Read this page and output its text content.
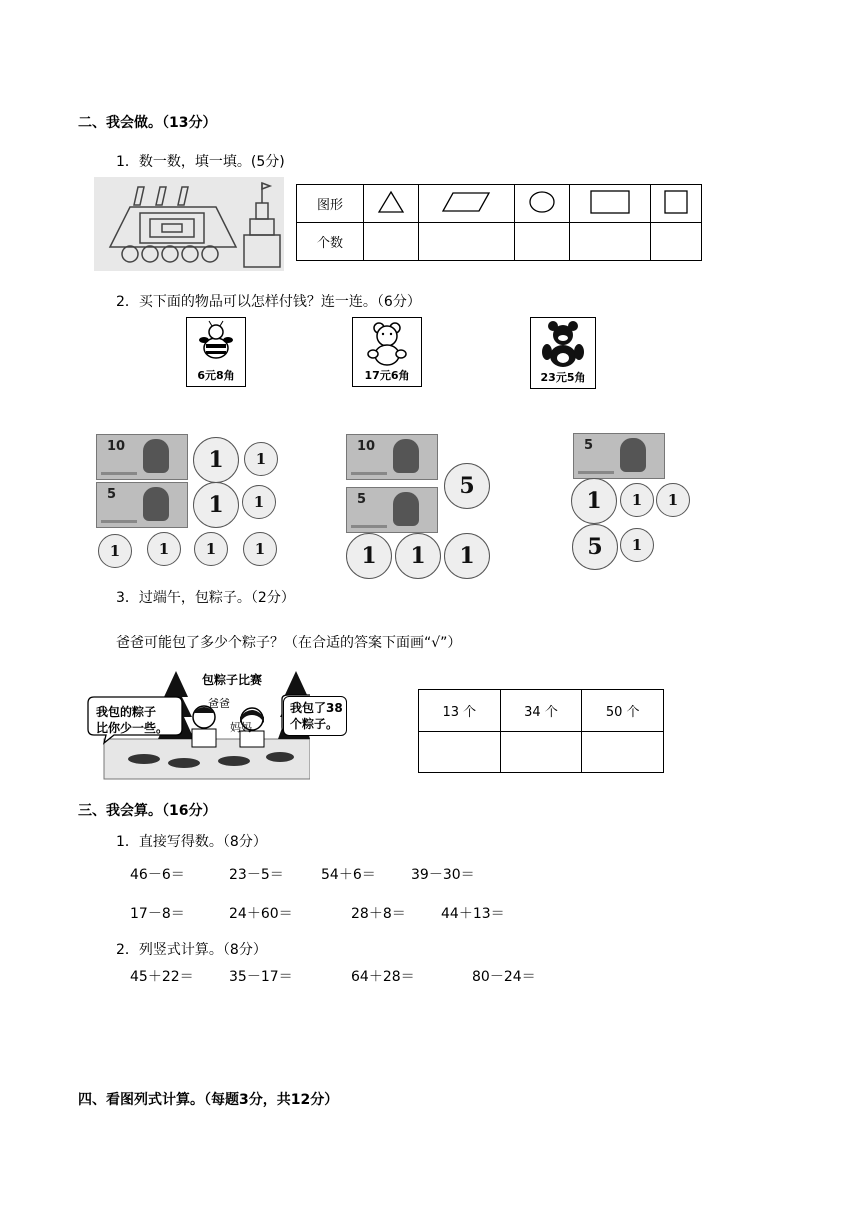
二、我会做。（13分）
1．数一数，填一填。(5分)
图形					
个数					
2．买下面的物品可以怎样付钱？连一连。（6分）
6元8角	17元6角	23元5角
10
5
1	1
1	1
1	1	1	1
10
5
5
1	1	1
5
1	1	1
5	1
3．过端午，包粽子。（2分）
爸爸可能包了多少个粽子？（在合适的答案下面画“√”）
包粽子比赛
爸爸
妈妈
我包的粽子
比你少一些。
我包了38
个粽子。
13 个	34 个	50 个

三、我会算。（16分）
1．直接写得数。（8分）
46－6＝	23－5＝	54＋6＝	39－30＝
17－8＝	24＋60＝	28＋8＝	44＋13＝
2．列竖式计算。（8分）
45＋22＝	35－17＝	64＋28＝	80－24＝
四、看图列式计算。（每题3分，共12分）
